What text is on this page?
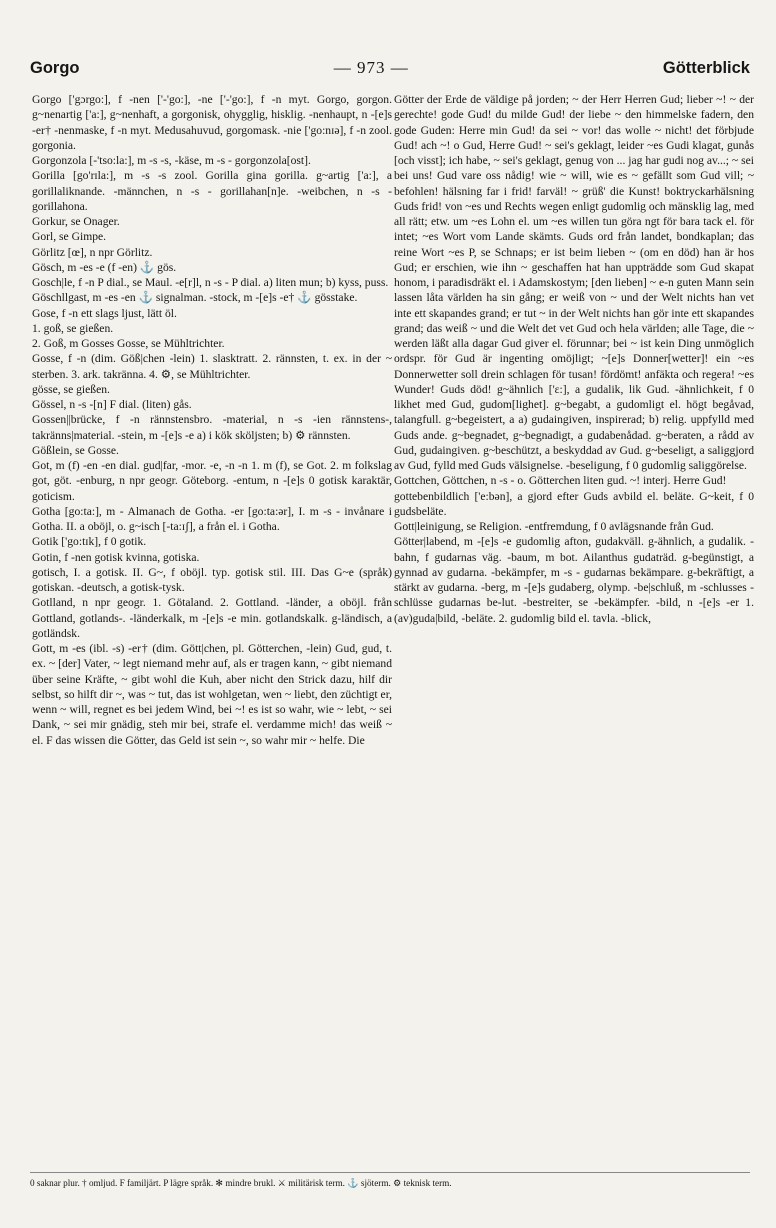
Gorgo	— 973 —	Götterblick

Gorgo ['gɔrgo:], f -nen ['-'go:], -ne ['-'go:], f -n myt. Gorgo, gorgon. g~nenartig ['a:], g~nenhaft, a gorgonisk, ohygglig, hisklig. -nenhaupt, n -[e]s -er† -nenmaske, f -n myt. Medusahuvud, gorgomask. -nie ['go:nɪə], f -n zool. gorgonia.

Gorgonzola [-'tso:la:], m -s -s, -käse, m -s - gorgonzola[ost].

Gorilla [go'rɪla:], m -s -s zool. Gorilla gina gorilla. g~artig ['a:], a gorillaliknande. -männchen, n -s - gorillahan[n]e. -weibchen, n -s - gorillahona.

Gorkur, se Onager.

Gorl, se Gimpe.

Görlitz [œ], n npr Görlitz.

Gösch, m -es -e (f -en) ⚓ gös.

Gosch|le, f -n P dial., se Maul. -e[r]l, n -s - P dial. a) liten mun; b) kyss, puss.

Göschllgast, m -es -en ⚓ signalman. -stock, m -[e]s -e† ⚓ gösstake.

Gose, f -n ett slags ljust, lätt öl.

1. goß, se gießen.

2. Goß, m Gosses Gosse, se Mühltrichter.

Gosse, f -n (dim. Göß|chen -lein) 1. slasktratt. 2. rännsten, t. ex. in der ~ sterben. 3. ark. takränna. 4. ⚙, se Mühltrichter.

gösse, se gießen.

Gössel, n -s -[n] F dial. (liten) gås.

Gossen||brücke, f -n rännstensbro. -material, n -s -ien rännstens-, takränns|material. -stein, m -[e]s -e a) i kök sköljsten; b) ⚙ rännsten.

Gößlein, se Gosse.

Got, m (f) -en -en dial. gud|far, -mor. -e, -n -n 1. m (f), se Got. 2. m folkslag got, göt. -enburg, n npr geogr. Göteborg. -entum, n -[e]s 0 gotisk karaktär, goticism.

Gotha [go:ta:], m - Almanach de Gotha. -er [go:ta:ər], I. m -s - invånare i Gotha. II. a oböjl, o. g~isch [-ta:ɪʃ], a från el. i Gotha.

Gotik ['go:tɪk], f 0 gotik.

Gotin, f -nen gotisk kvinna, gotiska.

gotisch, I. a gotisk. II. G~, f oböjl. typ. gotisk stil. III. Das G~e (språk) gotiskan. -deutsch, a gotisk-tysk.

Gotlland, n npr geogr. 1. Götaland. 2. Gottland. -länder, a oböjl. från Gottland, gotlands-. -länderkalk, m -[e]s -e min. gotlandskalk. g-ländisch, a gotländsk.

Gott, m -es (ibl. -s) -er† (dim. Gött|chen, pl. Götterchen, -lein) Gud, gud, t. ex. ~ [der] Vater, ~ legt niemand mehr auf, als er tragen kann, ~ gibt niemand über seine Kräfte, ~ gibt wohl die Kuh, aber nicht den Strick dazu, hilf dir selbst, so hilft dir ~, was ~ tut, das ist wohlgetan, wen ~ liebt, den züchtigt er, wenn ~ will, regnet es bei jedem Wind, bei ~! es ist so wahr, wie ~ lebt, ~ sei Dank, ~ sei mir gnädig, steh mir bei, strafe el. verdamme mich! das weiß ~ el. F das wissen die Götter, das Geld ist sein ~, so wahr mir ~ helfe. Die

Götter der Erde de väldige på jorden; ~ der Herr Herren Gud; lieber ~! ~ der gerechte! gode Gud! du milde Gud! der liebe ~ den himmelske fadern, den gode Guden: Herre min Gud! da sei ~ vor! das wolle ~ nicht! det förbjude Gud! ach ~! o Gud, Herre Gud! ~ sei's geklagt, leider ~es Gudi klagat, gunås [och visst]; ich habe, ~ sei's geklagt, genug von ... jag har gudi nog av...; ~ sei bei uns! Gud vare oss nådig! wie ~ will, wie es ~ gefällt som Gud vill; ~ befohlen! hälsning far i frid! farväl! ~ grüß' die Kunst! boktryckarhälsning Guds frid! von ~es und Rechts wegen enligt gudomlig och mänsklig lag, med all rätt; etw. um ~es Lohn el. um ~es willen tun göra ngt för bara tack el. för intet; ~es Wort vom Lande skämts. Guds ord från landet, bondkaplan; das reine Wort ~es P, se Schnaps; er ist beim lieben ~ (om en död) han är hos Gud; er erschien, wie ihn ~ geschaffen hat han uppträdde som Gud skapat honom, i paradisdräkt el. i Adamskostym; [den lieben] ~ e-n guten Mann sein lassen låta världen ha sin gång; er weiß von ~ und der Welt nichts han vet inte ett skapandes grand; er tut ~ in der Welt nichts han gör inte ett skapandes grand; das weiß ~ und die Welt det vet Gud och hela världen; alle Tage, die ~ werden läßt alla dagar Gud giver el. förunnar; bei ~ ist kein Ding unmöglich ordspr. för Gud är ingenting omöjligt; ~[e]s Donner[wetter]! ein ~es Donnerwetter soll drein schlagen för tusan! fördömt! anfäkta och regera! ~es Wunder! Guds död! g~ähnlich ['ɛ:], a gudalik, lik Gud. -ähnlichkeit, f 0 likhet med Gud, gudom[lighet]. g~begabt, a gudomligt el. högt begåvad, talangfull. g~begeistert, a a) gudaingiven, inspirerad; b) relig. uppfylld med Guds ande. g~begnadet, g~begnadigt, a gudabenådad. g~beraten, a rådd av Gud, gudaingiven. g~beschützt, a beskyddad av Gud. g~beseligt, a saliggjord av Gud, fylld med Guds välsignelse. -beseligung, f 0 gudomlig saliggörelse.

Gottchen, Göttchen, n -s - o. Götterchen liten gud. ~! interj. Herre Gud!

gottebenbildlich ['e:bən], a gjord efter Guds avbild el. beläte. G~keit, f 0 gudsbeläte.

Gott|leinigung, se Religion. -entfremdung, f 0 avlägsnande från Gud.

Götter|labend, m -[e]s -e gudomlig afton, gudakväll. g-ähnlich, a gudalik. -bahn, f gudarnas väg. -baum, m bot. Ailanthus gudaträd. g-begünstigt, a gynnad av gudarna. -bekämpfer, m -s - gudarnas bekämpare. g-bekräftigt, a stärkt av gudarna. -berg, m -[e]s gudaberg, olymp. -be|schluß, m -schlusses -schlüsse gudarnas be-lut. -bestreiter, se -bekämpfer. -bild, n -[e]s -er 1. (av)guda|bild, -beläte. 2. gudomlig bild el. tavla. -blick,

0 saknar plur. † omljud. F familjärt. P lägre språk. ✻ mindre brukl. ⚔ militärisk term. ⚓ sjöterm. ⚙ teknisk term.
